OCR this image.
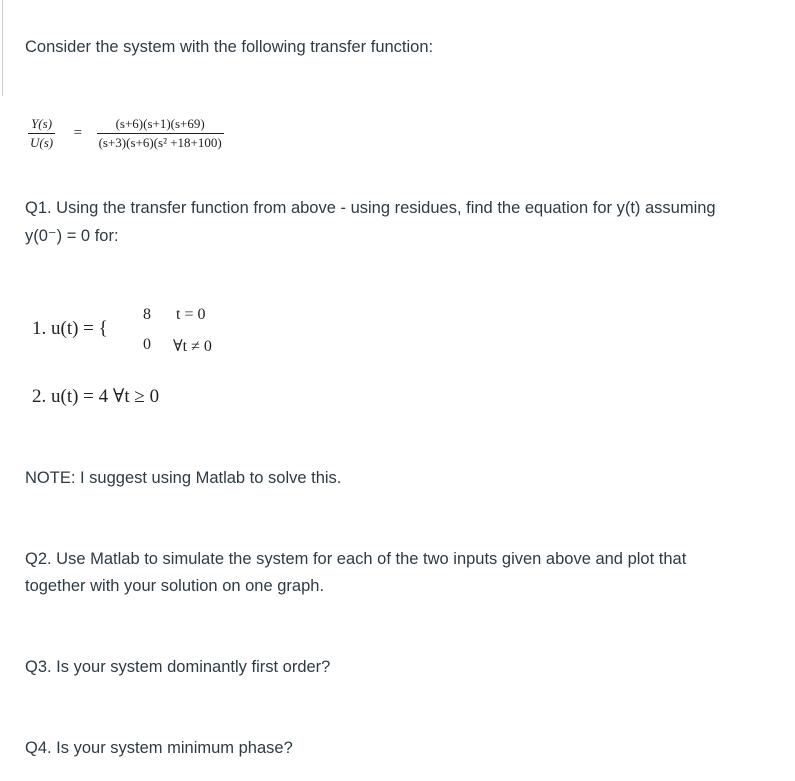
Consider the system with the following transfer function:

$\frac{Y(s)}{U(s)} = \frac{(s+6)(s+1)(s+69)}{\text{(s+3)(s+6)(s² +18+100)}}$

Q1. Using the transfer function from above - using residues, find the equation for y(t) assuming

y(0⁻) = 0 for:

1. u(t) = {
8 t = 0
0 ∀t ≠ 0
2. u(t) = 4 ∀t ≥ 0

NOTE: I suggest using Matlab to solve this.

Q2. Use Matlab to simulate the system for each of the two inputs given above and plot that

together with your solution on one graph.

Q3. Is your system dominantly first order?

Q4. Is your system minimum phase?
